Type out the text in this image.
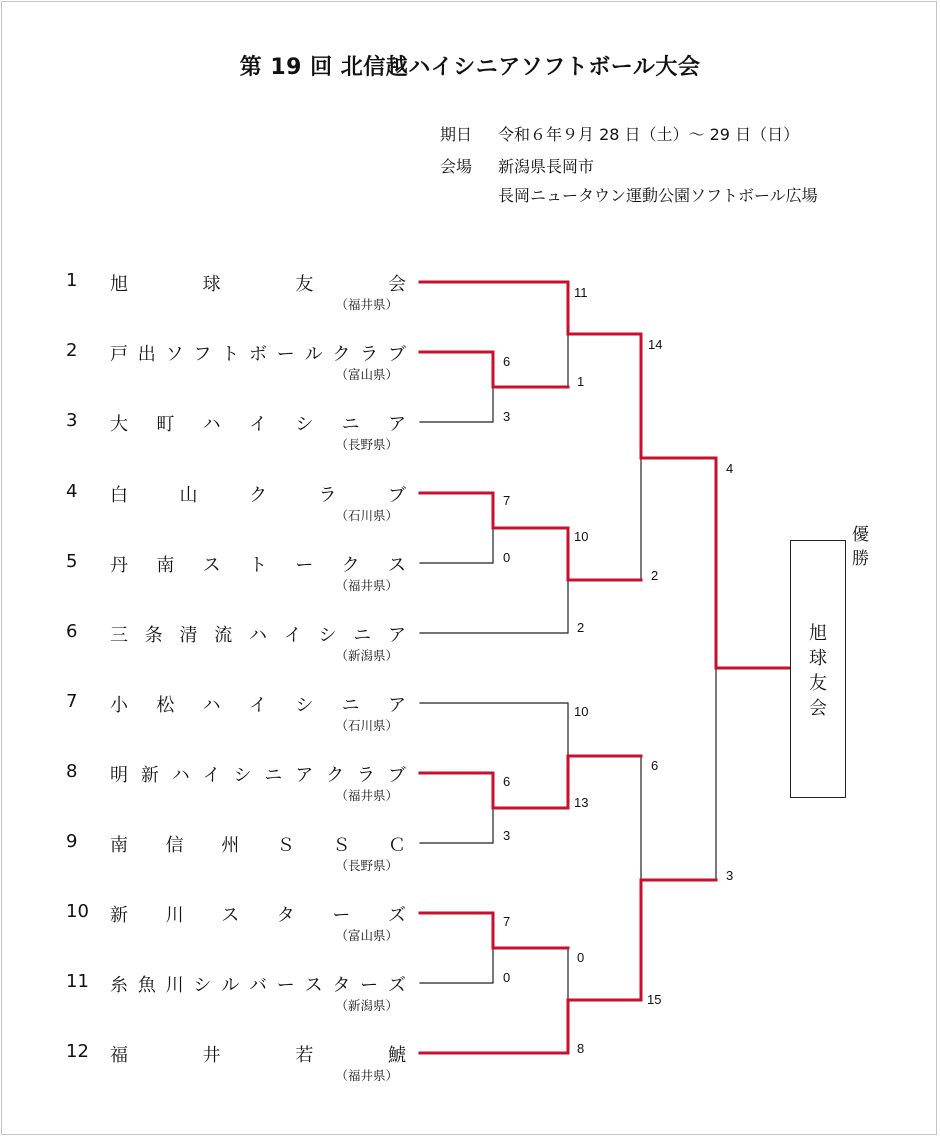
第 19 回 北信越ハイシニアソフトボール大会
期日 令和６年９月 28 日（土）～ 29 日（日）
会場 新潟県長岡市
長岡ニュータウン運動公園ソフトボール広場
1	旭	球	友	会
（福井県）
2	戸 出 ソ フ ト ボ ー ル ク ラ ブ
（富山県）
3	大 町 ハ イ シ ニ ア
（長野県）
4	白	山	ク	ラ	ブ
（石川県）
5	丹 南 ス ト ー ク ス
（福井県）
6	三 条 清 流 ハ イ シ ニ ア
（新潟県）
7	小 松 ハ イ シ ニ ア
（石川県）
8	明 新 ハ イ シ ニ ア ク ラ ブ
（福井県）
9	南 信 州 Ｓ Ｓ Ｃ
（長野県）
10	新 川 ス タ ー ズ
（富山県）
11	糸 魚 川 シ ル バ ー ス タ ー ズ
（新潟県）
12	福	井	若	鯱
（福井県）
6
3
7
0
6
3
7
0
11
1
10
2
10
13
0
8
14
2
6
15
4
3
優
勝
旭
球
友
会
